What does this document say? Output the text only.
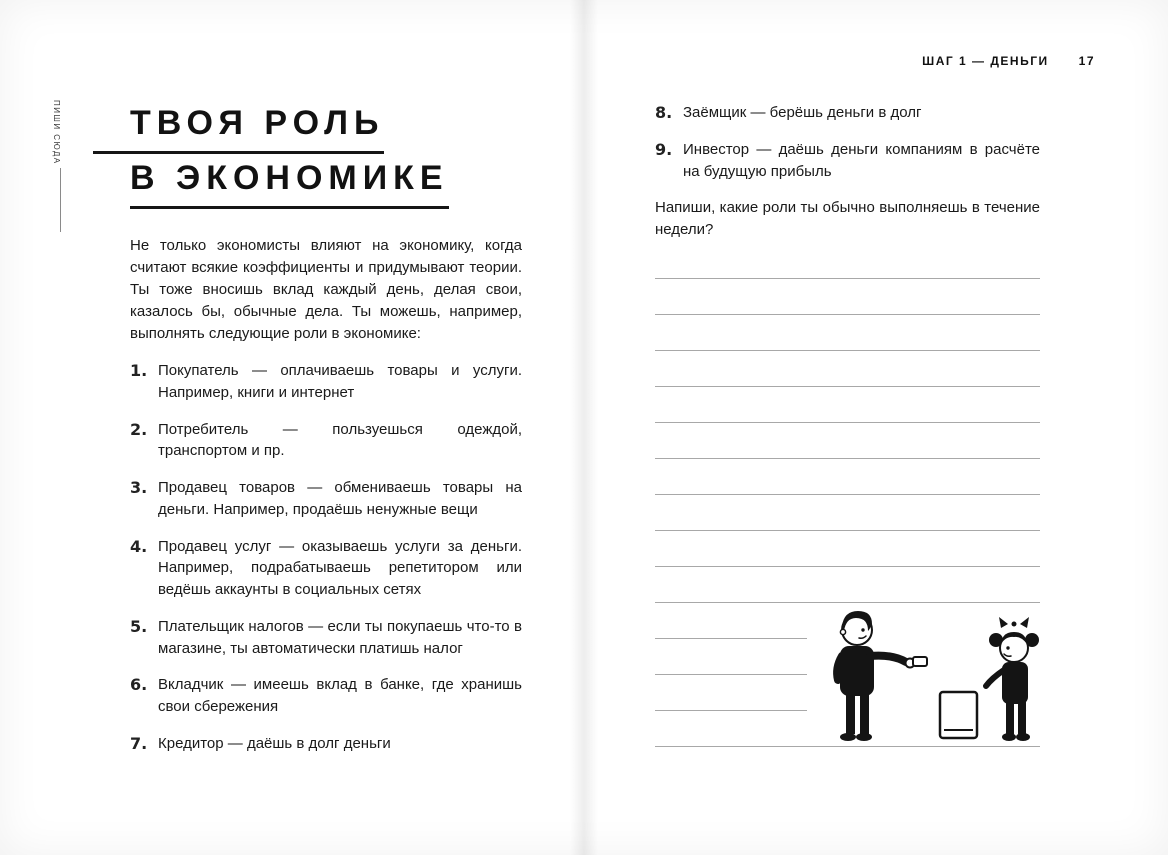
ПИШИ СЮДА	ТВОЯ РОЛЬ
В ЭКОНОМИКЕ

Не только экономисты влияют на экономику, когда считают всякие коэффициенты и придумывают теории. Ты тоже вносишь вклад каждый день, делая свои, казалось бы, обычные дела. Ты можешь, например, выполнять следующие роли в экономике:

1. Покупатель — оплачиваешь товары и услуги. Например, книги и интернет
2. Потребитель — пользуешься одеждой, транспортом и пр.
3. Продавец товаров — обмениваешь товары на деньги. Например, продаёшь ненужные вещи
4. Продавец услуг — оказываешь услуги за деньги. Например, подрабатываешь репетитором или ведёшь аккаунты в социальных сетях
5. Плательщик налогов — если ты покупаешь что-то в магазине, ты автоматически платишь налог
6. Вкладчик — имеешь вклад в банке, где хранишь свои сбережения
7. Кредитор — даёшь в долг деньги
ШАГ 1 — ДЕНЬГИ	17
8. Заёмщик — берёшь деньги в долг
9. Инвестор — даёшь деньги компаниям в расчёте на будущую прибыль

Напиши, какие роли ты обычно выполняешь в течение недели?
